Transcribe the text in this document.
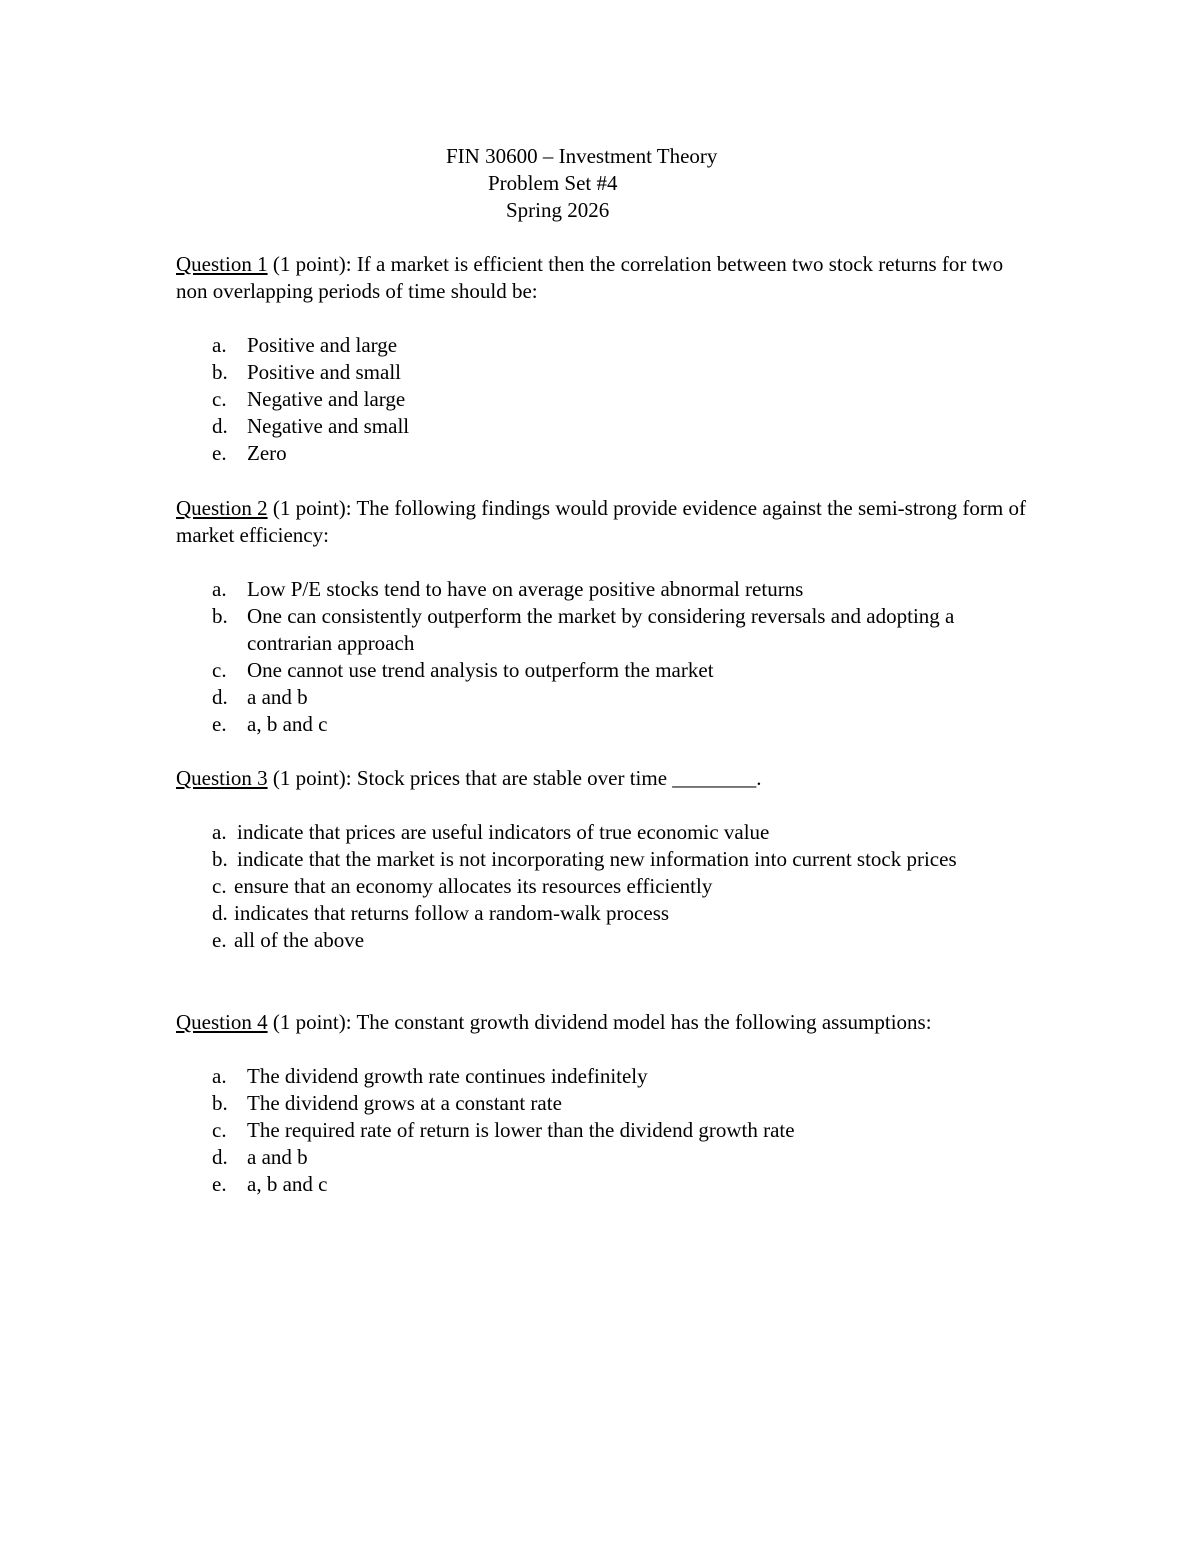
FIN 30600 – Investment Theory
Problem Set #4
Spring 2026

Question 1 (1 point): If a market is efficient then the correlation between two stock returns for two non overlapping periods of time should be:

a. Positive and large
b. Positive and small
c. Negative and large
d. Negative and small
e. Zero

Question 2 (1 point): The following findings would provide evidence against the semi-strong form of market efficiency:

a. Low P/E stocks tend to have on average positive abnormal returns
b. One can consistently outperform the market by considering reversals and adopting a contrarian approach
c. One cannot use trend analysis to outperform the market
d. a and b
e. a, b and c

Question 3 (1 point): Stock prices that are stable over time ________.

a. indicate that prices are useful indicators of true economic value
b. indicate that the market is not incorporating new information into current stock prices
c. ensure that an economy allocates its resources efficiently
d. indicates that returns follow a random-walk process
e. all of the above

Question 4 (1 point): The constant growth dividend model has the following assumptions:

a. The dividend growth rate continues indefinitely
b. The dividend grows at a constant rate
c. The required rate of return is lower than the dividend growth rate
d. a and b
e. a, b and c
